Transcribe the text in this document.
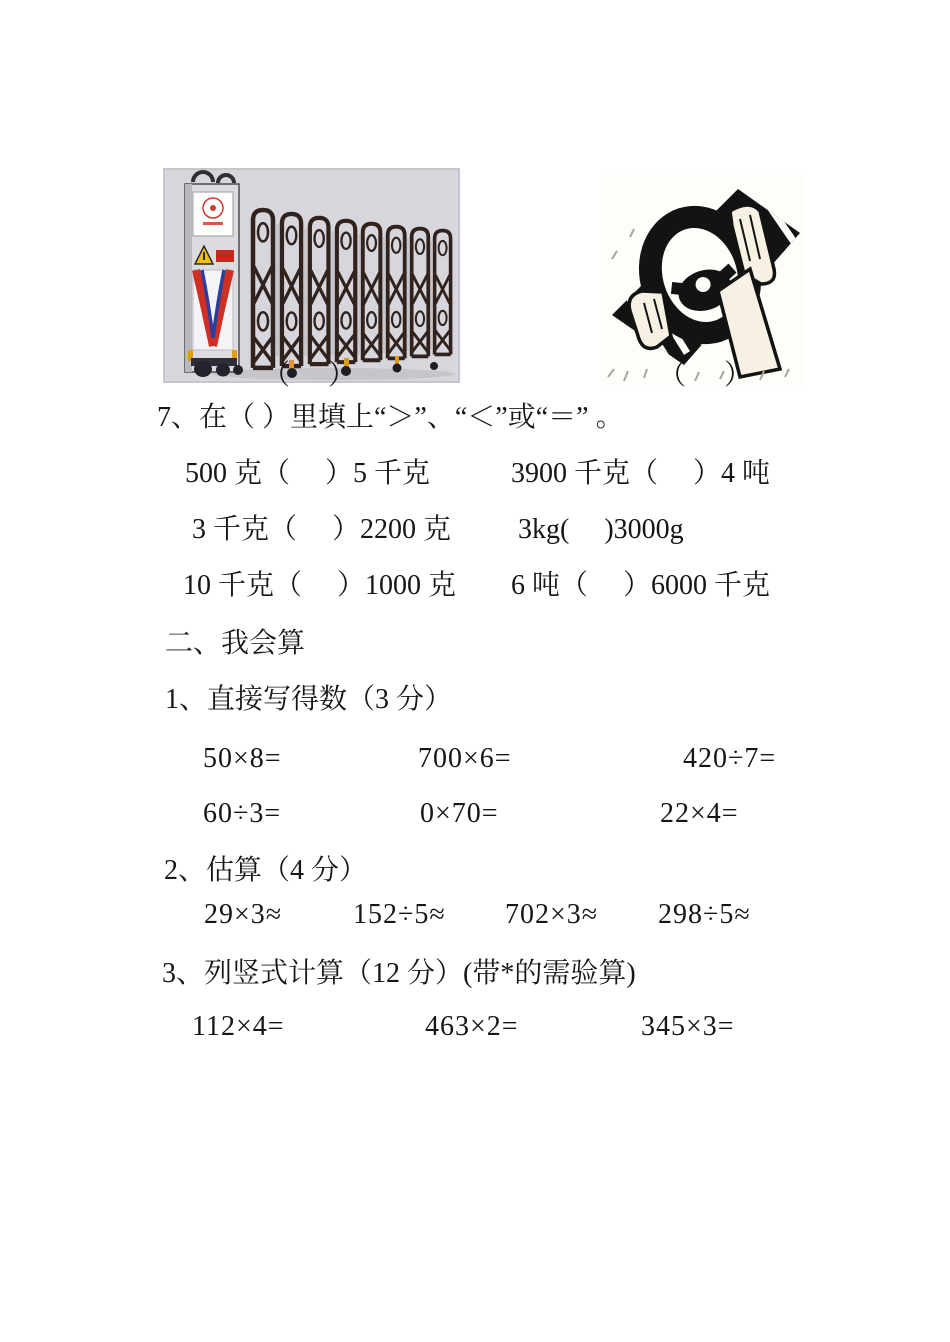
（　 ）	（　 ）
7、在（ ）里填上“＞”、“＜”或“＝” 。
500 克（　 ）5 千克	3900 千克（　 ）4 吨
3 千克（　 ）2200 克 3kg(　 )3000g
10 千克（　 ）1000 克 6 吨（　 ）6000 千克
二、我会算
1、直接写得数（3 分）
50×8=	700×6=	420÷7=
60÷3=	0×70=	22×4=
2、估算（4 分）
29×3≈	152÷5≈ 702×3≈ 298÷5≈
3、列竖式计算（12 分）(带*的需验算)
112×4=	463×2=	345×3=
